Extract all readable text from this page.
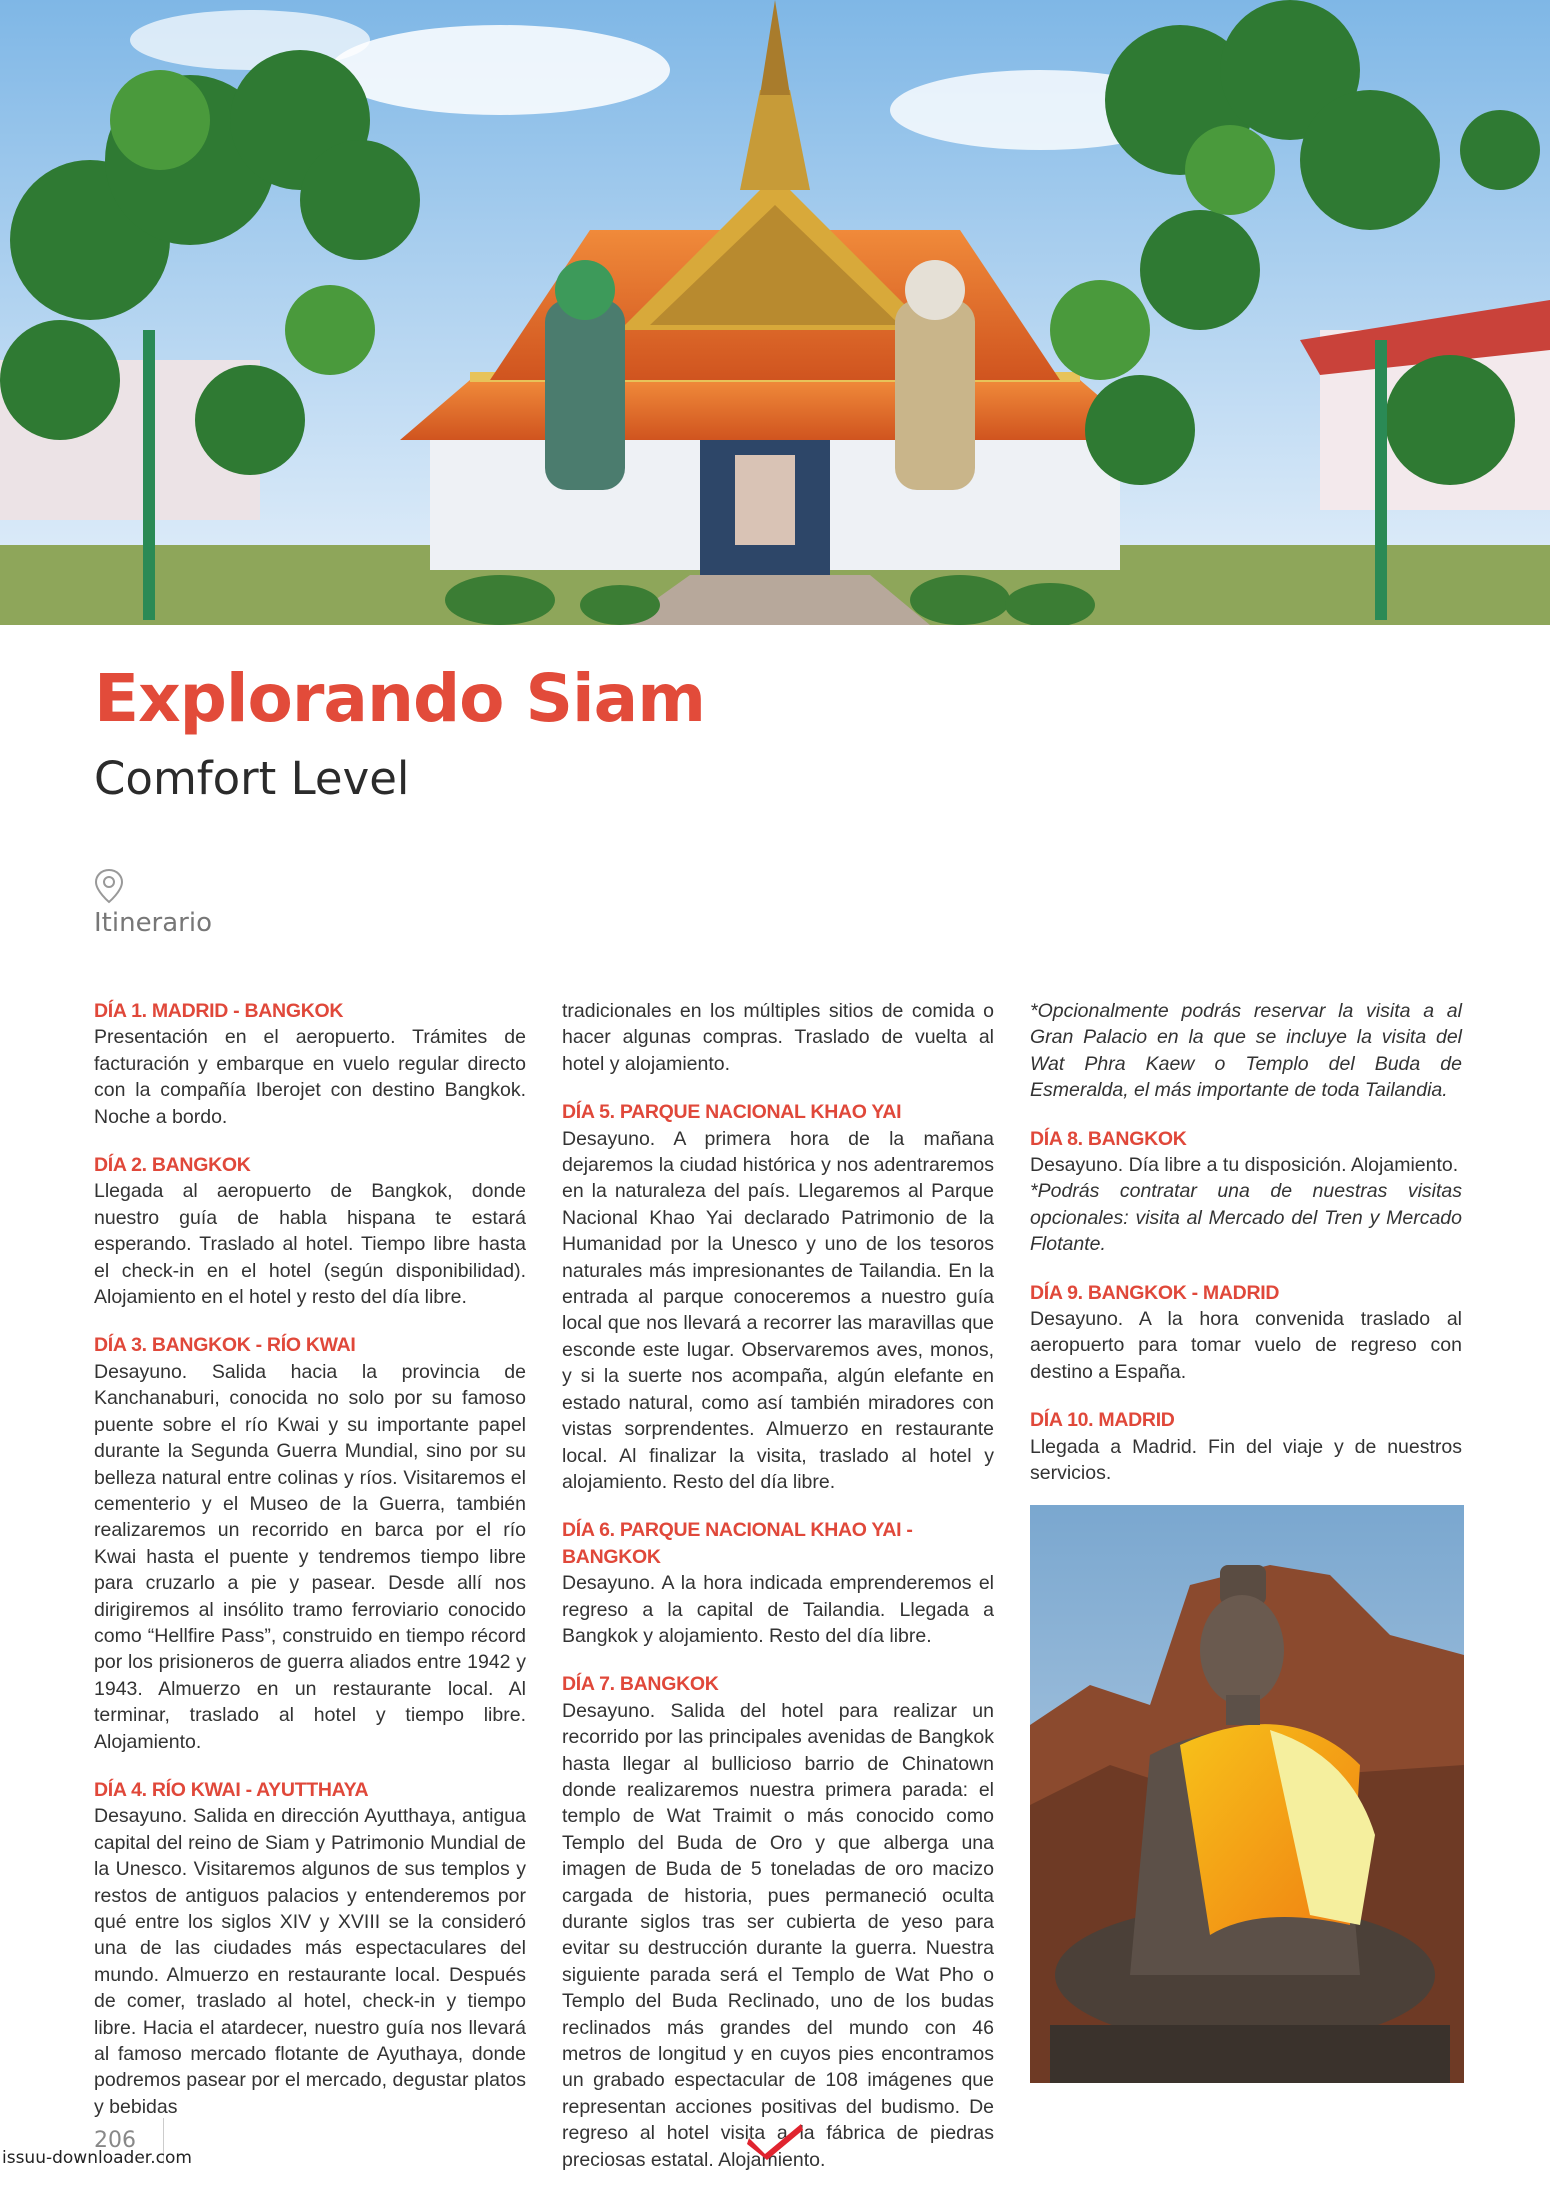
Explorando Siam
Comfort Level
Itinerario
DÍA 1. MADRID - BANGKOK

Presentación en el aeropuerto. Trámites de facturación y embarque en vuelo regular directo con la compañía Iberojet con destino Bangkok. Noche a bordo.

DÍA 2. BANGKOK

Llegada al aeropuerto de Bangkok, donde nuestro guía de habla hispana te estará esperando. Traslado al hotel. Tiempo libre hasta el check-in en el hotel (según disponibilidad). Alojamiento en el hotel y resto del día libre.

DÍA 3. BANGKOK - RÍO KWAI

Desayuno. Salida hacia la provincia de Kanchanaburi, conocida no solo por su famoso puente sobre el río Kwai y su importante papel durante la Segunda Guerra Mundial, sino por su belleza natural entre colinas y ríos. Visitaremos el cementerio y el Museo de la Guerra, también realizaremos un recorrido en barca por el río Kwai hasta el puente y tendremos tiempo libre para cruzarlo a pie y pasear. Desde allí nos dirigiremos al insólito tramo ferroviario conocido como “Hellfire Pass”, construido en tiempo récord por los prisioneros de guerra aliados entre 1942 y 1943. Almuerzo en un restaurante local. Al terminar, traslado al hotel y tiempo libre. Alojamiento.

DÍA 4. RÍO KWAI - AYUTTHAYA

Desayuno. Salida en dirección Ayutthaya, antigua capital del reino de Siam y Patrimonio Mundial de la Unesco. Visitaremos algunos de sus templos y restos de antiguos palacios y entenderemos por qué entre los siglos XIV y XVIII se la consideró una de las ciudades más espectaculares del mundo. Almuerzo en restaurante local. Después de comer, traslado al hotel, check-in y tiempo libre. Hacia el atardecer, nuestro guía nos llevará al famoso mercado flotante de Ayuthaya, donde podremos pasear por el mercado, degustar platos y bebidas

tradicionales en los múltiples sitios de comida o hacer algunas compras. Traslado de vuelta al hotel y alojamiento.

DÍA 5. PARQUE NACIONAL KHAO YAI

Desayuno. A primera hora de la mañana dejaremos la ciudad histórica y nos adentraremos en la naturaleza del país. Llegaremos al Parque Nacional Khao Yai declarado Patrimonio de la Humanidad por la Unesco y uno de los tesoros naturales más impresionantes de Tailandia. En la entrada al parque conoceremos a nuestro guía local que nos llevará a recorrer las maravillas que esconde este lugar. Observaremos aves, monos, y si la suerte nos acompaña, algún elefante en estado natural, como así también miradores con vistas sorprendentes. Almuerzo en restaurante local. Al finalizar la visita, traslado al hotel y alojamiento. Resto del día libre.

DÍA 6. PARQUE NACIONAL KHAO YAI - BANGKOK

Desayuno. A la hora indicada emprenderemos el regreso a la capital de Tailandia. Llegada a Bangkok y alojamiento. Resto del día libre.

DÍA 7. BANGKOK

Desayuno. Salida del hotel para realizar un recorrido por las principales avenidas de Bangkok hasta llegar al bullicioso barrio de Chinatown donde realizaremos nuestra primera parada: el templo de Wat Traimit o más conocido como Templo del Buda de Oro y que alberga una imagen de Buda de 5 toneladas de oro macizo cargada de historia, pues permaneció oculta durante siglos tras ser cubierta de yeso para evitar su destrucción durante la guerra. Nuestra siguiente parada será el Templo de Wat Pho o Templo del Buda Reclinado, uno de los budas reclinados más grandes del mundo con 46 metros de longitud y en cuyos pies encontramos un grabado espectacular de 108 imágenes que representan acciones positivas del budismo. De regreso al hotel visita a la fábrica de piedras preciosas estatal. Alojamiento.

*Opcionalmente podrás reservar la visita a al Gran Palacio en la que se incluye la visita del Wat Phra Kaew o Templo del Buda de Esmeralda, el más importante de toda Tailandia.

DÍA 8. BANGKOK

Desayuno. Día libre a tu disposición. Alojamiento.

*Podrás contratar una de nuestras visitas opcionales: visita al Mercado del Tren y Mercado Flotante.

DÍA 9. BANGKOK - MADRID

Desayuno. A la hora convenida traslado al aeropuerto para tomar vuelo de regreso con destino a España.

DÍA 10. MADRID

Llegada a Madrid. Fin del viaje y de nuestros servicios.

206
issuu-downloader.com
